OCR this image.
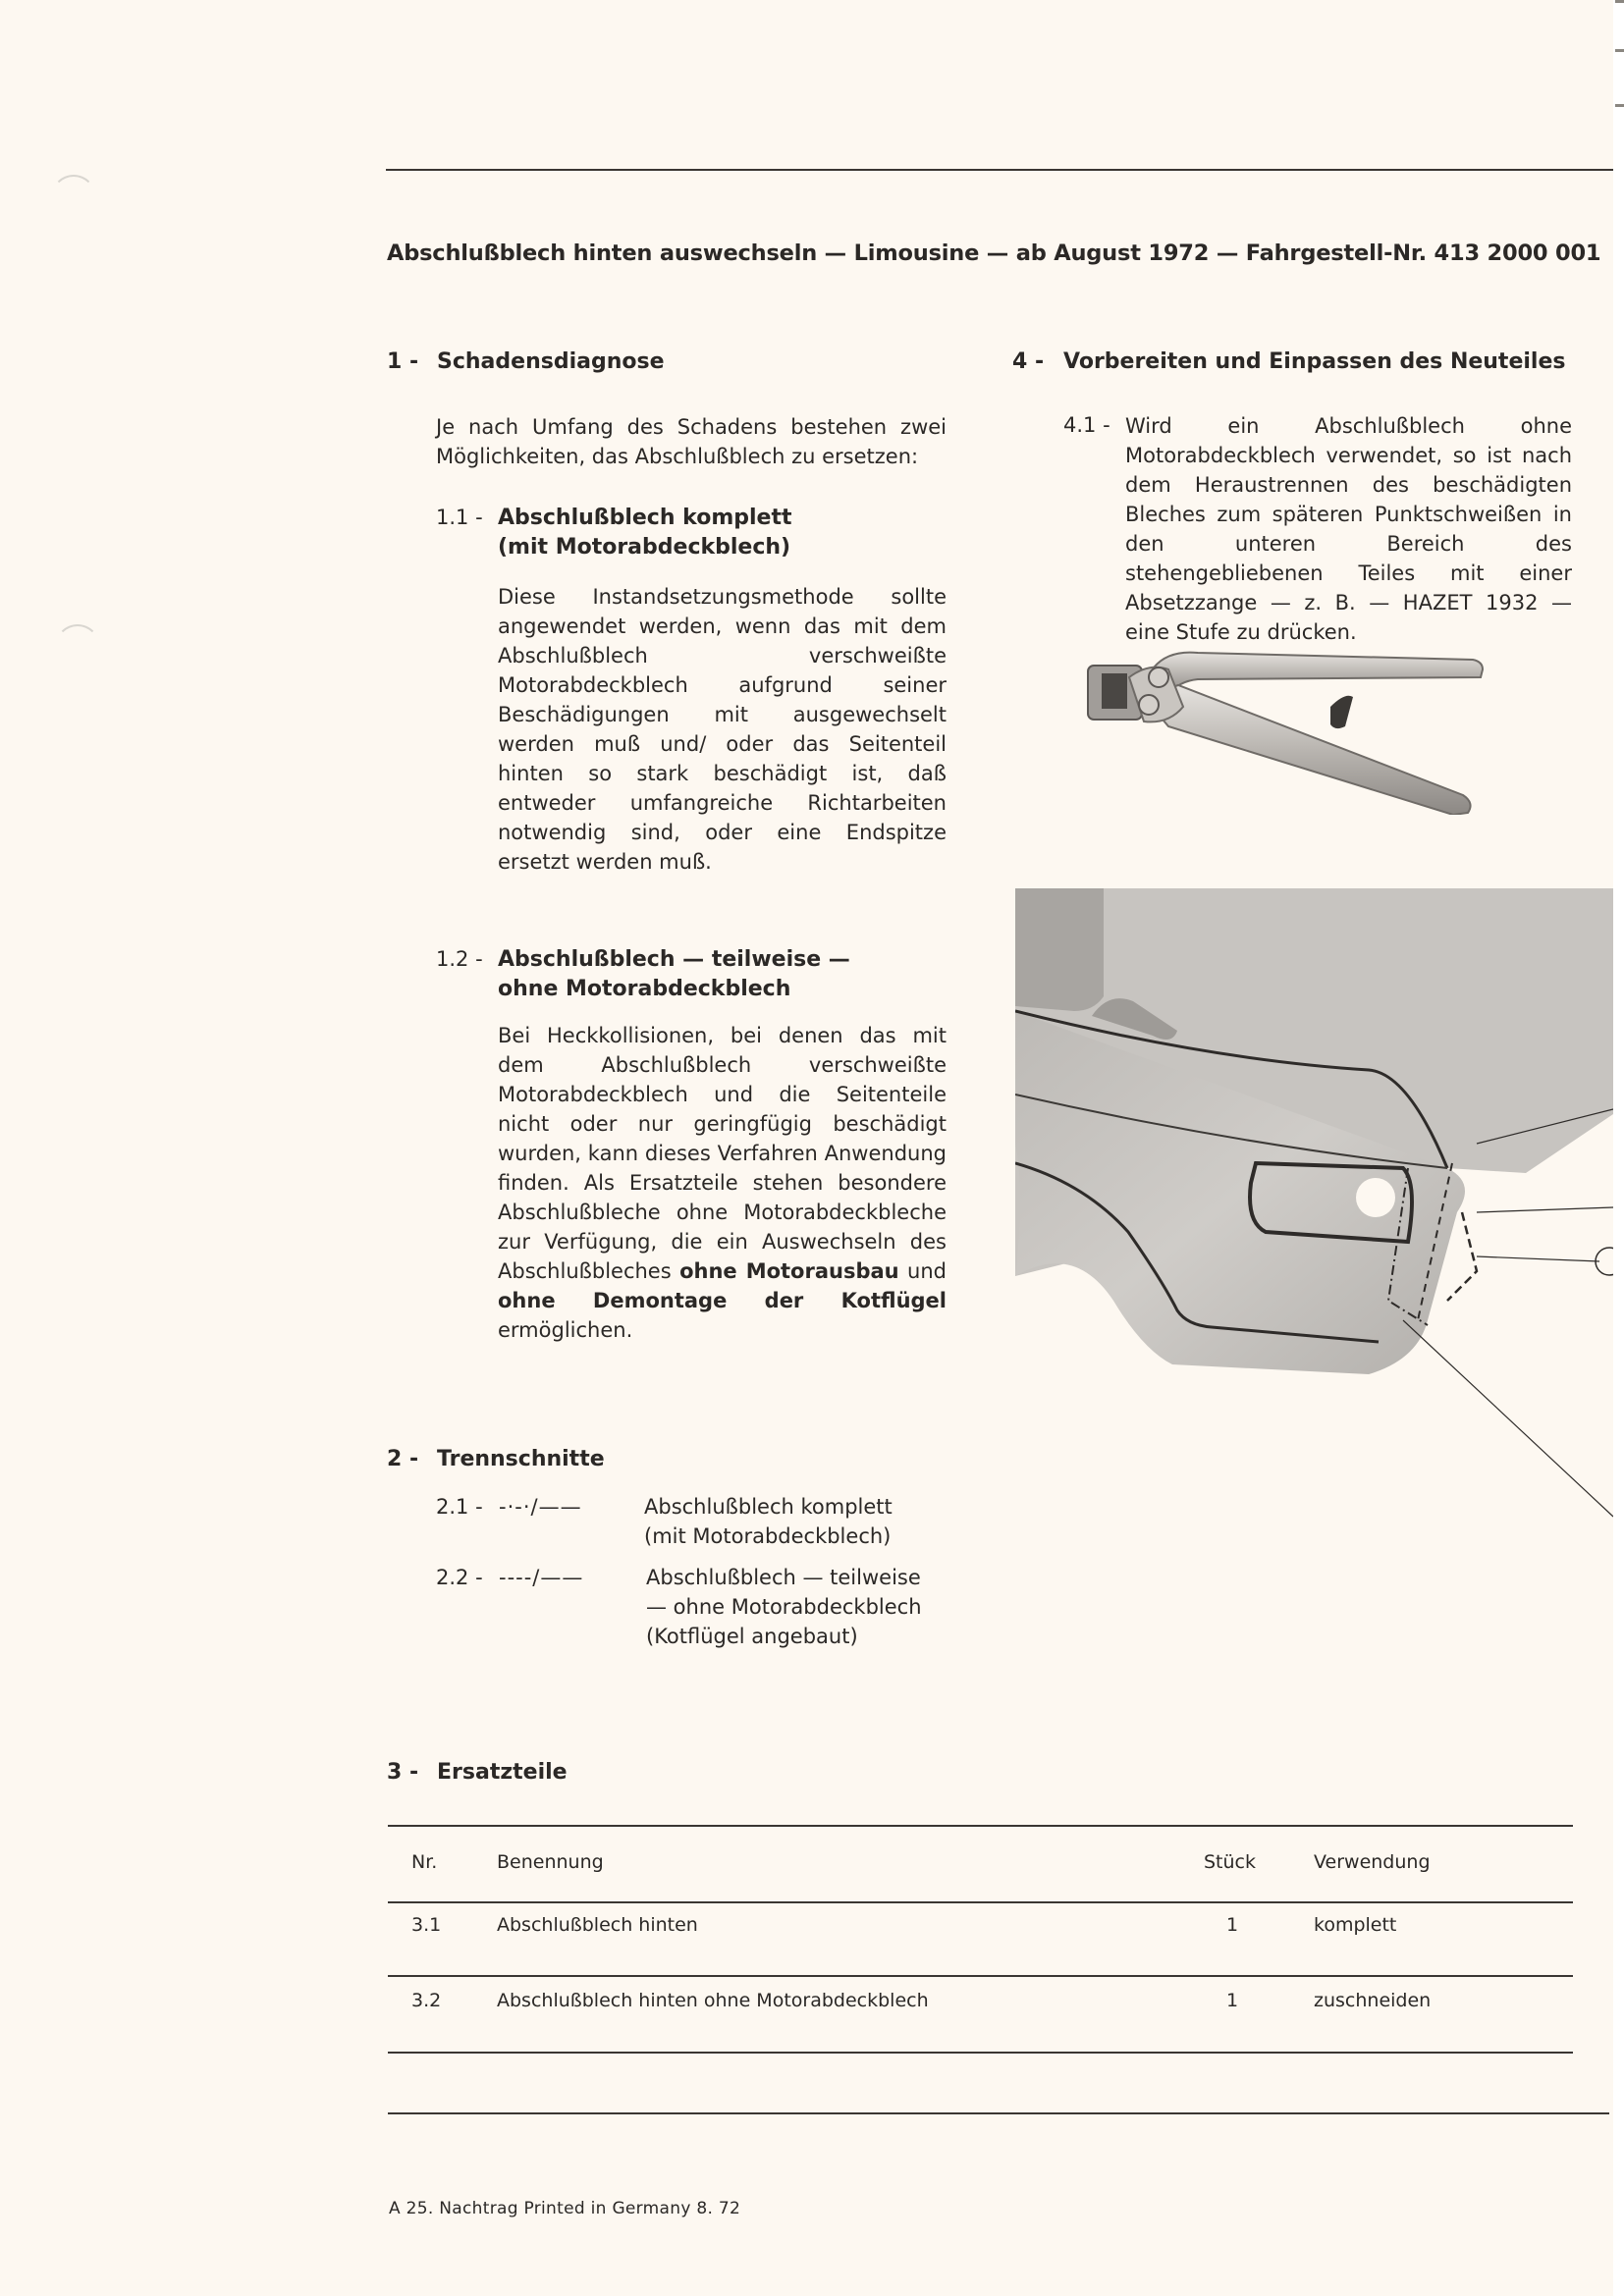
Abschlußblech hinten auswechseln — Limousine — ab August 1972 — Fahrgestell-Nr. 413 2000 001
1 - Schadensdiagnose
Je nach Umfang des Schadens bestehen zwei Möglichkeiten, das Abschlußblech zu ersetzen:
1.1 - Abschlußblech komplett
(mit Motorabdeckblech)
Diese Instandsetzungsmethode sollte angewendet werden, wenn das mit dem Abschlußblech verschweißte Motorabdeckblech aufgrund seiner Beschädigungen mit ausgewechselt werden muß und/ oder das Seitenteil hinten so stark beschädigt ist, daß entweder umfangreiche Richtarbeiten notwendig sind, oder eine Endspitze ersetzt werden muß.
1.2 - Abschlußblech — teilweise —
ohne Motorabdeckblech
Bei Heckkollisionen, bei denen das mit dem Abschlußblech verschweißte Motorabdeckblech und die Seitenteile nicht oder nur geringfügig beschädigt wurden, kann dieses Verfahren Anwendung finden. Als Ersatzteile stehen besondere Abschlußbleche ohne Motorabdeckbleche zur Verfügung, die ein Auswechseln des Abschlußbleches ohne Motorausbau und ohne Demontage der Kotflügel ermöglichen.
2 - Trennschnitte
2.1 - -·-·/——	Abschlußblech komplett
(mit Motorabdeckblech)
2.2 - ----/——	Abschlußblech — teilweise
— ohne Motorabdeckblech
(Kotflügel angebaut)
3 - Ersatzteile
Nr.	Benennung	Stück	Verwendung
3.1	Abschlußblech hinten	1	komplett
3.2	Abschlußblech hinten ohne Motorabdeckblech	1	zuschneiden
4 - Vorbereiten und Einpassen des Neuteiles
4.1 - Wird ein Abschlußblech ohne Motorabdeckblech verwendet, so ist nach dem Heraustrennen des beschädigten Bleches zum späteren Punktschweißen in den unteren Bereich des stehengebliebenen Teiles mit einer Absetzzange — z. B. — HAZET 1932 — eine Stufe zu drücken.
A 25. Nachtrag Printed in Germany 8. 72
